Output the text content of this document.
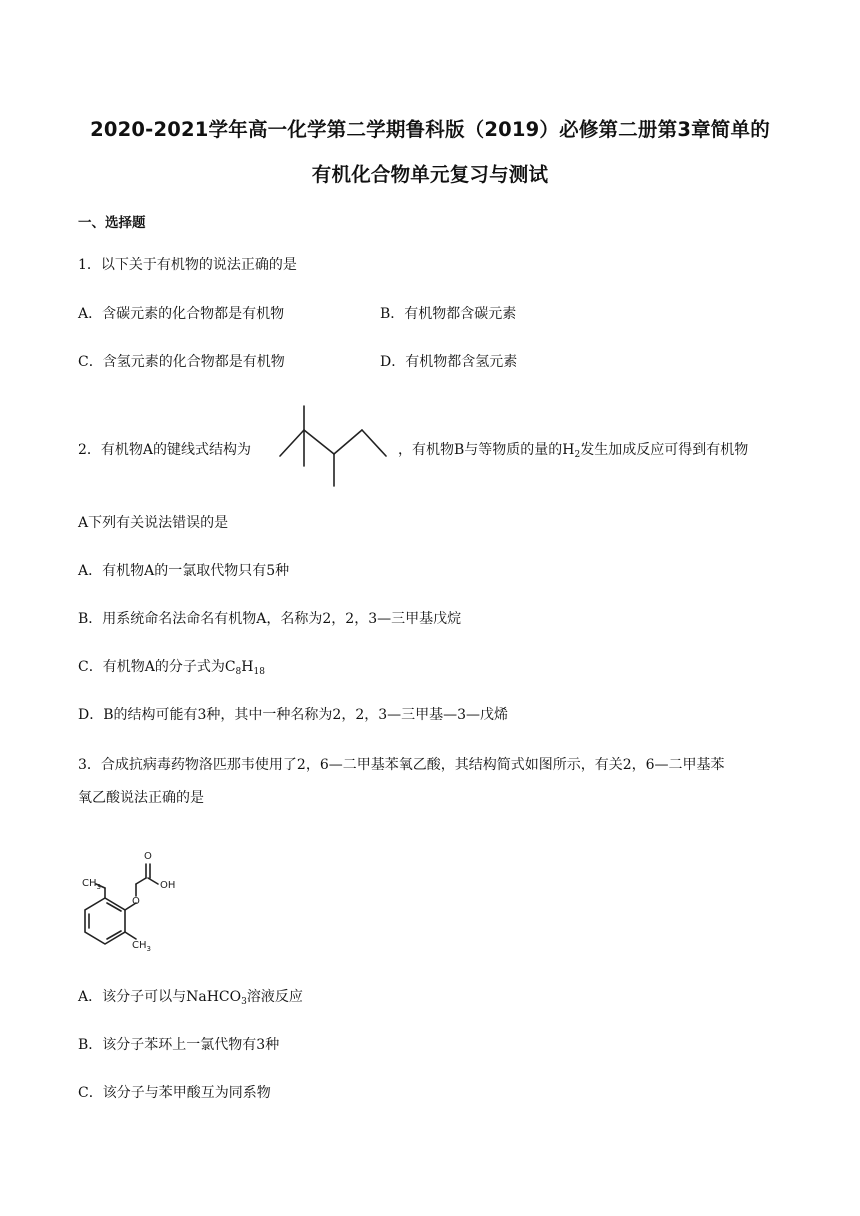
2020-2021学年高一化学第二学期鲁科版（2019）必修第二册第3章简单的
有机化合物单元复习与测试
一、选择题
1．以下关于有机物的说法正确的是
A．含碳元素的化合物都是有机物	B．有机物都含碳元素
C．含氢元素的化合物都是有机物	D．有机物都含氢元素
2．有机物A的键线式结构为	，有机物B与等物质的量的$H_2$发生加成反应可得到有机物
A下列有关说法错误的是
A．有机物A的一氯取代物只有5种
B．用系统命名法命名有机物A，名称为2，2，3—三甲基戊烷
C．有机物A的分子式为$C_8H_{18}$
D．B的结构可能有3种，其中一种名称为2，2，3—三甲基—3—戊烯
3．合成抗病毒药物洛匹那韦使用了2，6—二甲基苯氧乙酸，其结构简式如图所示，有关2，6—二甲基苯
氧乙酸说法正确的是
O
OH
O
$CH_3$
$CH_3$
A．该分子可以与NaHCO$_3$溶液反应
B．该分子苯环上一氯代物有3种
C．该分子与苯甲酸互为同系物
